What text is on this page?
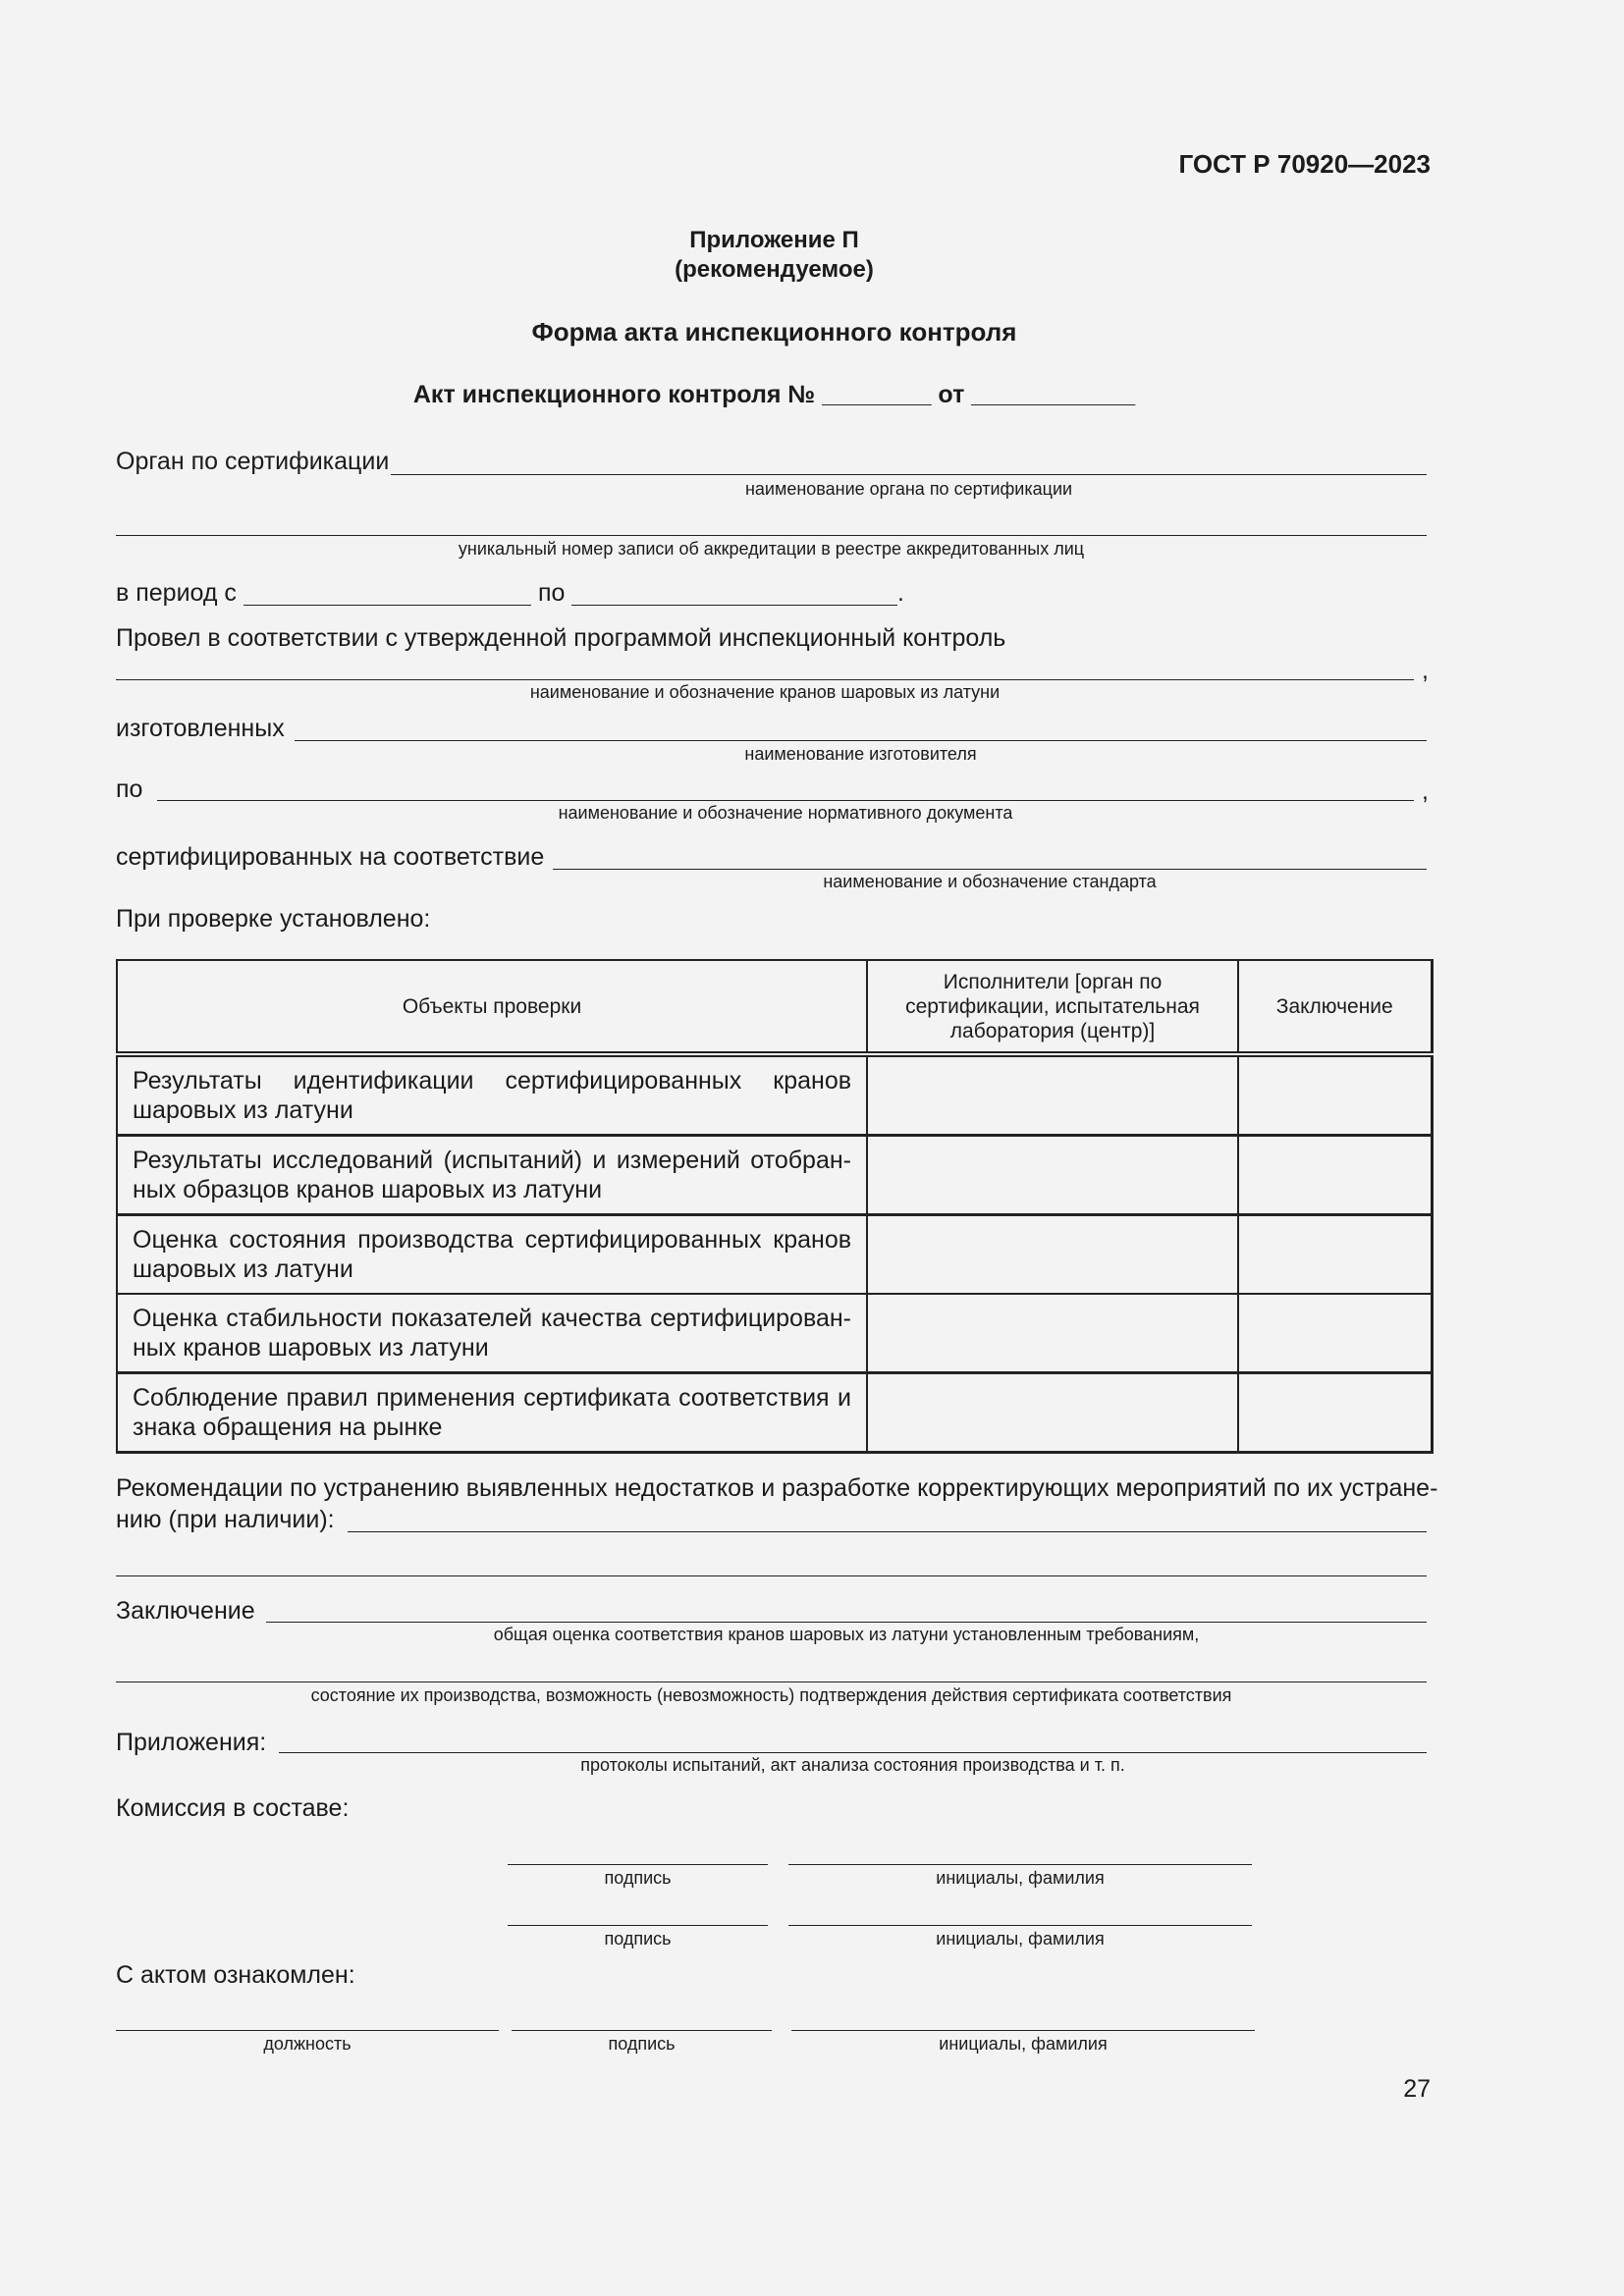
ГОСТ Р 70920—2023
Приложение П
(рекомендуемое)
Форма акта инспекционного контроля
Акт инспекционного контроля № ________ от ____________
Орган по сертификации
наименование органа по сертификации
уникальный номер записи об аккредитации в реестре аккредитованных лиц
в период с	по	.
Провел в соответствии с утвержденной программой инспекционный контроль
,
наименование и обозначение кранов шаровых из латуни
изготовленных
наименование изготовителя
по	,
наименование и обозначение нормативного документа
сертифицированных на соответствие
наименование и обозначение стандарта
При проверке установлено:
Объекты проверки	Исполнители [орган по сертификации, испытательная лаборатория (центр)]	Заключение
Результаты идентификации сертифицированных кранов шаровых из латуни		
Результаты исследований (испытаний) и измерений отобранных образцов кранов шаровых из латуни		
Оценка состояния производства сертифицированных кранов шаровых из латуни		
Оценка стабильности показателей качества сертифицированных кранов шаровых из латуни		
Соблюдение правил применения сертификата соответствия и знака обращения на рынке		
Рекомендации по устранению выявленных недостатков и разработке корректирующих мероприятий по их устране-
нию (при наличии):
Заключение
общая оценка соответствия кранов шаровых из латуни установленным требованиям,
состояние их производства, возможность (невозможность) подтверждения действия сертификата соответствия
Приложения:
протоколы испытаний, акт анализа состояния производства и т. п.
Комиссия в составе:
подпись	инициалы, фамилия
подпись	инициалы, фамилия
С актом ознакомлен:
должность	подпись	инициалы, фамилия
27
